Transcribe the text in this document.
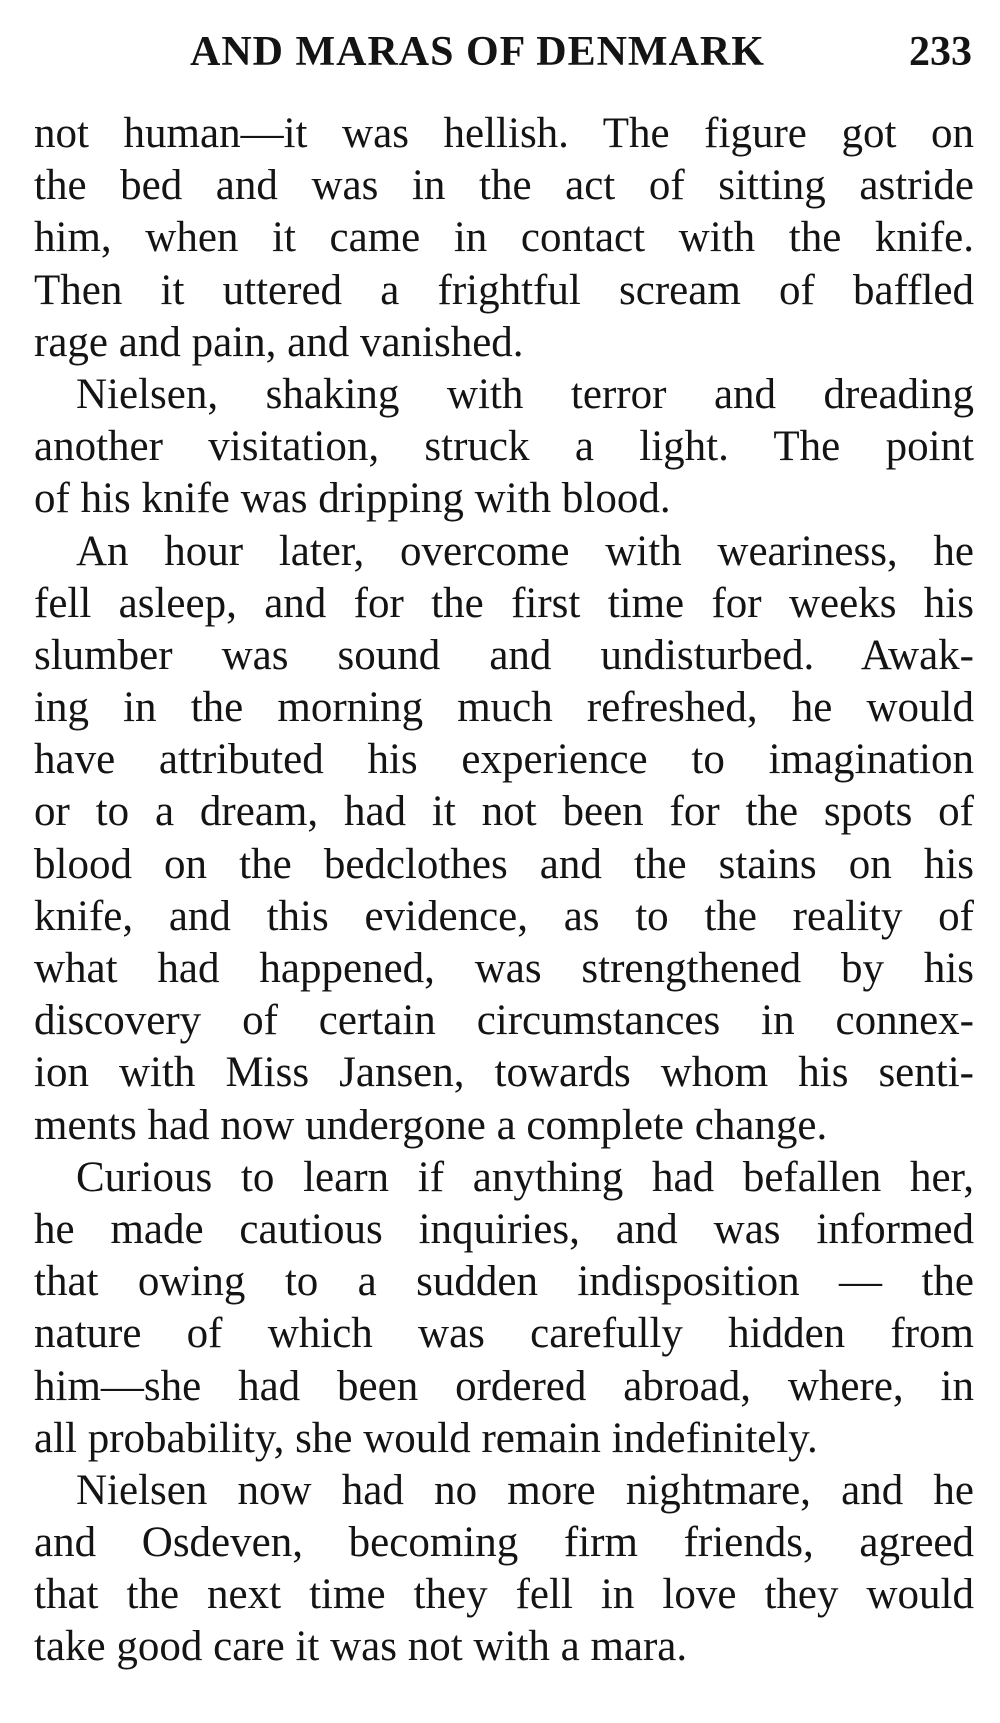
AND MARAS OF DENMARK	233
not human—it was hellish. The figure got on
the bed and was in the act of sitting astride
him, when it came in contact with the knife.
Then it uttered a frightful scream of baffled
rage and pain, and vanished.
Nielsen, shaking with terror and dreading
another visitation, struck a light. The point
of his knife was dripping with blood.
An hour later, overcome with weariness, he
fell asleep, and for the first time for weeks his
slumber was sound and undisturbed. Awak-
ing in the morning much refreshed, he would
have attributed his experience to imagination
or to a dream, had it not been for the spots of
blood on the bedclothes and the stains on his
knife, and this evidence, as to the reality of
what had happened, was strengthened by his
discovery of certain circumstances in connex-
ion with Miss Jansen, towards whom his senti-
ments had now undergone a complete change.
Curious to learn if anything had befallen her,
he made cautious inquiries, and was informed
that owing to a sudden indisposition — the
nature of which was carefully hidden from
him—she had been ordered abroad, where, in
all probability, she would remain indefinitely.
Nielsen now had no more nightmare, and he
and Osdeven, becoming firm friends, agreed
that the next time they fell in love they would
take good care it was not with a mara.
